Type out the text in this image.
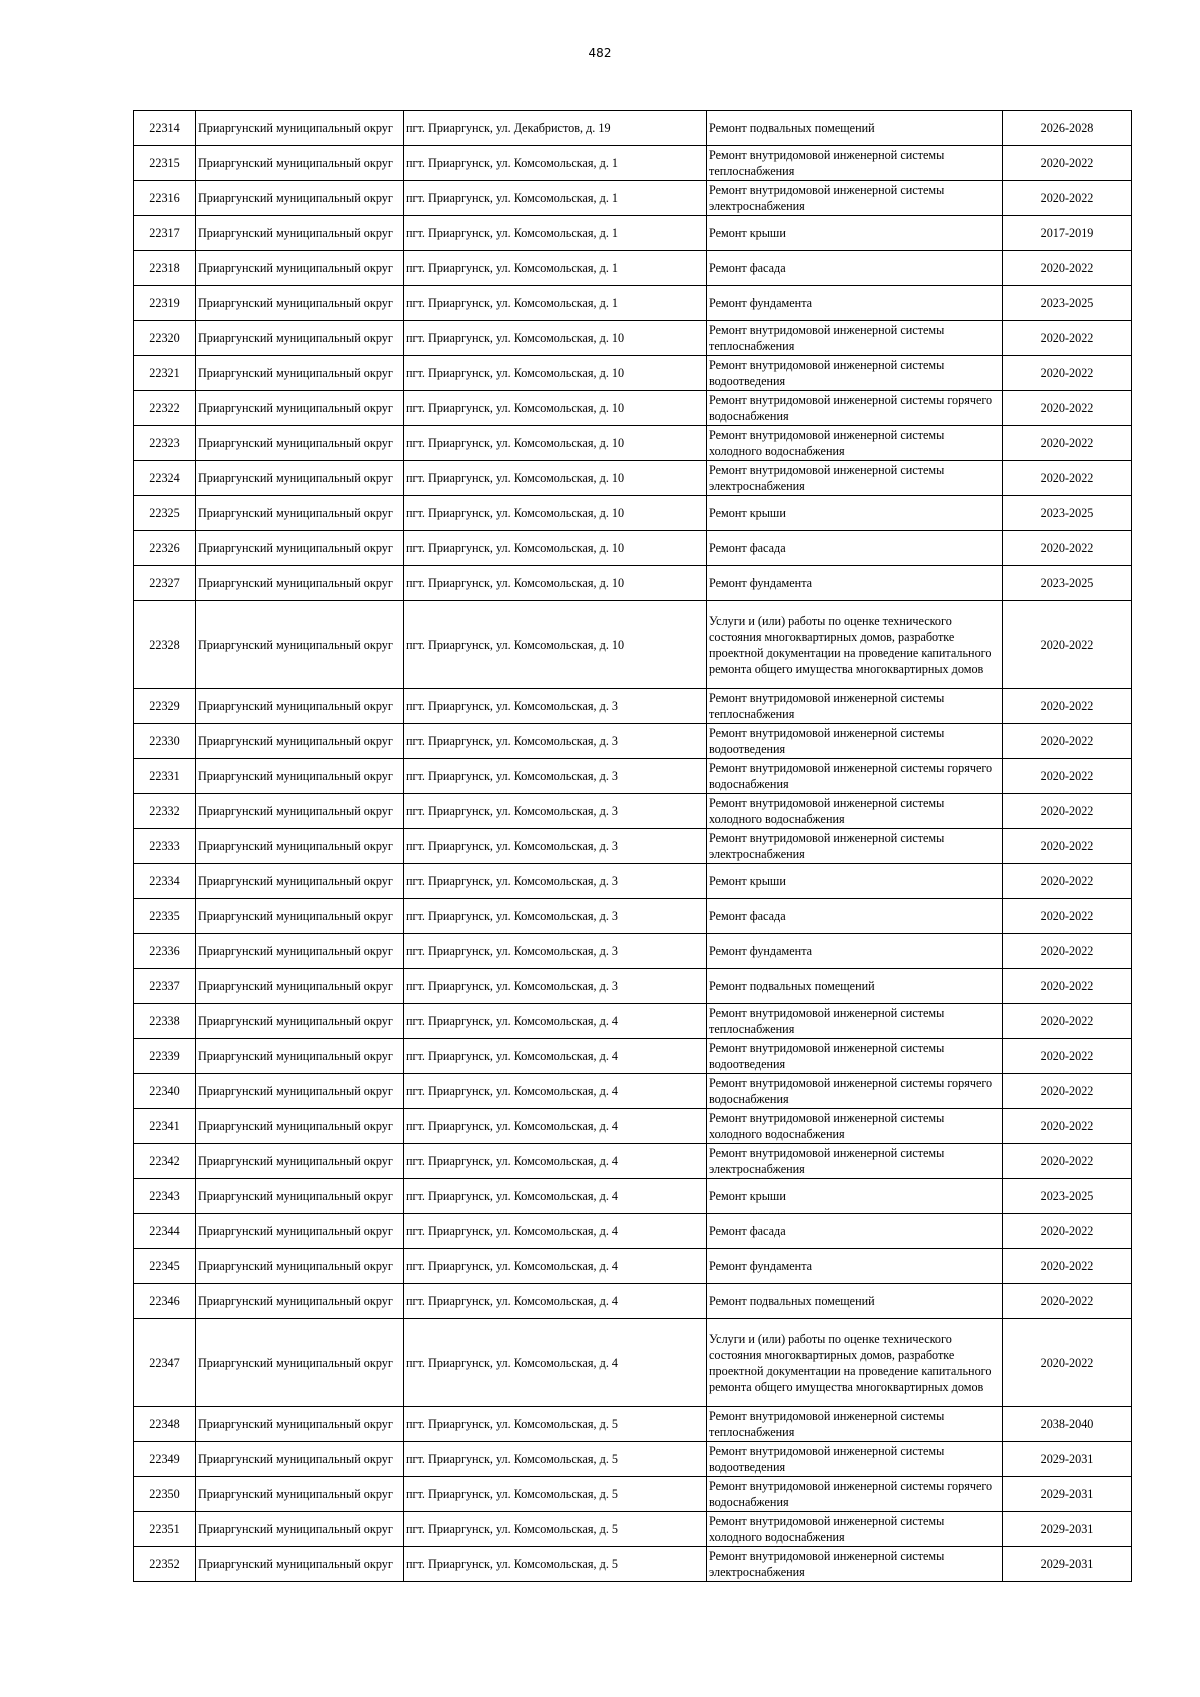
482
22314	Приаргунский муниципальный округ	пгт. Приаргунск, ул. Декабристов, д. 19	Ремонт подвальных помещений	2026-2028
22315	Приаргунский муниципальный округ	пгт. Приаргунск, ул. Комсомольская, д. 1	Ремонт внутридомовой инженерной системы теплоснабжения	2020-2022
22316	Приаргунский муниципальный округ	пгт. Приаргунск, ул. Комсомольская, д. 1	Ремонт внутридомовой инженерной системы электроснабжения	2020-2022
22317	Приаргунский муниципальный округ	пгт. Приаргунск, ул. Комсомольская, д. 1	Ремонт крыши	2017-2019
22318	Приаргунский муниципальный округ	пгт. Приаргунск, ул. Комсомольская, д. 1	Ремонт фасада	2020-2022
22319	Приаргунский муниципальный округ	пгт. Приаргунск, ул. Комсомольская, д. 1	Ремонт фундамента	2023-2025
22320	Приаргунский муниципальный округ	пгт. Приаргунск, ул. Комсомольская, д. 10	Ремонт внутридомовой инженерной системы теплоснабжения	2020-2022
22321	Приаргунский муниципальный округ	пгт. Приаргунск, ул. Комсомольская, д. 10	Ремонт внутридомовой инженерной системы водоотведения	2020-2022
22322	Приаргунский муниципальный округ	пгт. Приаргунск, ул. Комсомольская, д. 10	Ремонт внутридомовой инженерной системы горячего водоснабжения	2020-2022
22323	Приаргунский муниципальный округ	пгт. Приаргунск, ул. Комсомольская, д. 10	Ремонт внутридомовой инженерной системы холодного водоснабжения	2020-2022
22324	Приаргунский муниципальный округ	пгт. Приаргунск, ул. Комсомольская, д. 10	Ремонт внутридомовой инженерной системы электроснабжения	2020-2022
22325	Приаргунский муниципальный округ	пгт. Приаргунск, ул. Комсомольская, д. 10	Ремонт крыши	2023-2025
22326	Приаргунский муниципальный округ	пгт. Приаргунск, ул. Комсомольская, д. 10	Ремонт фасада	2020-2022
22327	Приаргунский муниципальный округ	пгт. Приаргунск, ул. Комсомольская, д. 10	Ремонт фундамента	2023-2025
22328	Приаргунский муниципальный округ	пгт. Приаргунск, ул. Комсомольская, д. 10	Услуги и (или) работы по оценке технического состояния многоквартирных домов, разработке проектной документации на проведение капитального ремонта общего имущества многоквартирных домов	2020-2022
22329	Приаргунский муниципальный округ	пгт. Приаргунск, ул. Комсомольская, д. 3	Ремонт внутридомовой инженерной системы теплоснабжения	2020-2022
22330	Приаргунский муниципальный округ	пгт. Приаргунск, ул. Комсомольская, д. 3	Ремонт внутридомовой инженерной системы водоотведения	2020-2022
22331	Приаргунский муниципальный округ	пгт. Приаргунск, ул. Комсомольская, д. 3	Ремонт внутридомовой инженерной системы горячего водоснабжения	2020-2022
22332	Приаргунский муниципальный округ	пгт. Приаргунск, ул. Комсомольская, д. 3	Ремонт внутридомовой инженерной системы холодного водоснабжения	2020-2022
22333	Приаргунский муниципальный округ	пгт. Приаргунск, ул. Комсомольская, д. 3	Ремонт внутридомовой инженерной системы электроснабжения	2020-2022
22334	Приаргунский муниципальный округ	пгт. Приаргунск, ул. Комсомольская, д. 3	Ремонт крыши	2020-2022
22335	Приаргунский муниципальный округ	пгт. Приаргунск, ул. Комсомольская, д. 3	Ремонт фасада	2020-2022
22336	Приаргунский муниципальный округ	пгт. Приаргунск, ул. Комсомольская, д. 3	Ремонт фундамента	2020-2022
22337	Приаргунский муниципальный округ	пгт. Приаргунск, ул. Комсомольская, д. 3	Ремонт подвальных помещений	2020-2022
22338	Приаргунский муниципальный округ	пгт. Приаргунск, ул. Комсомольская, д. 4	Ремонт внутридомовой инженерной системы теплоснабжения	2020-2022
22339	Приаргунский муниципальный округ	пгт. Приаргунск, ул. Комсомольская, д. 4	Ремонт внутридомовой инженерной системы водоотведения	2020-2022
22340	Приаргунский муниципальный округ	пгт. Приаргунск, ул. Комсомольская, д. 4	Ремонт внутридомовой инженерной системы горячего водоснабжения	2020-2022
22341	Приаргунский муниципальный округ	пгт. Приаргунск, ул. Комсомольская, д. 4	Ремонт внутридомовой инженерной системы холодного водоснабжения	2020-2022
22342	Приаргунский муниципальный округ	пгт. Приаргунск, ул. Комсомольская, д. 4	Ремонт внутридомовой инженерной системы электроснабжения	2020-2022
22343	Приаргунский муниципальный округ	пгт. Приаргунск, ул. Комсомольская, д. 4	Ремонт крыши	2023-2025
22344	Приаргунский муниципальный округ	пгт. Приаргунск, ул. Комсомольская, д. 4	Ремонт фасада	2020-2022
22345	Приаргунский муниципальный округ	пгт. Приаргунск, ул. Комсомольская, д. 4	Ремонт фундамента	2020-2022
22346	Приаргунский муниципальный округ	пгт. Приаргунск, ул. Комсомольская, д. 4	Ремонт подвальных помещений	2020-2022
22347	Приаргунский муниципальный округ	пгт. Приаргунск, ул. Комсомольская, д. 4	Услуги и (или) работы по оценке технического состояния многоквартирных домов, разработке проектной документации на проведение капитального ремонта общего имущества многоквартирных домов	2020-2022
22348	Приаргунский муниципальный округ	пгт. Приаргунск, ул. Комсомольская, д. 5	Ремонт внутридомовой инженерной системы теплоснабжения	2038-2040
22349	Приаргунский муниципальный округ	пгт. Приаргунск, ул. Комсомольская, д. 5	Ремонт внутридомовой инженерной системы водоотведения	2029-2031
22350	Приаргунский муниципальный округ	пгт. Приаргунск, ул. Комсомольская, д. 5	Ремонт внутридомовой инженерной системы горячего водоснабжения	2029-2031
22351	Приаргунский муниципальный округ	пгт. Приаргунск, ул. Комсомольская, д. 5	Ремонт внутридомовой инженерной системы холодного водоснабжения	2029-2031
22352	Приаргунский муниципальный округ	пгт. Приаргунск, ул. Комсомольская, д. 5	Ремонт внутридомовой инженерной системы электроснабжения	2029-2031
